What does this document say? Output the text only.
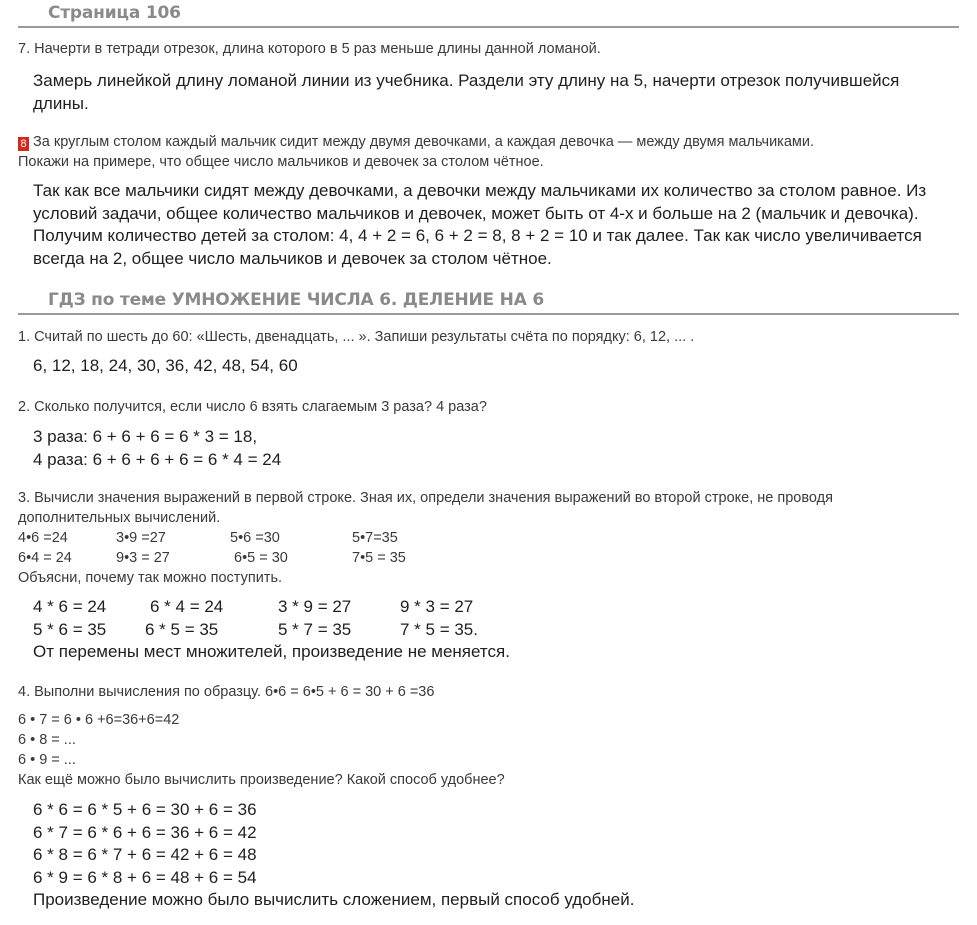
Страница 106
7. Начерти в тетради отрезок, длина которого в 5 раз меньше длины данной ломаной.
Замерь линейкой длину ломаной линии из учебника. Раздели эту длину на 5, начерти отрезок получившейся длины.
8 За круглым столом каждый мальчик сидит между двумя девочками, а каждая девочка — между двумя мальчиками.
Покажи на примере, что общее число мальчиков и девочек за столом чётное.
Так как все мальчики сидят между девочками, а девочки между мальчиками их количество за столом равное. Из условий задачи, общее количество мальчиков и девочек, может быть от 4-х и больше на 2 (мальчик и девочка). Получим количество детей за столом: 4, 4 + 2 = 6, 6 + 2 = 8, 8 + 2 = 10 и так далее. Так как число увеличивается всегда на 2, общее число мальчиков и девочек за столом чётное.
ГДЗ по теме УМНОЖЕНИЕ ЧИСЛА 6. ДЕЛЕНИЕ НА 6
1. Считай по шесть до 60: «Шесть, двенадцать, ... ». Запиши результаты счёта по порядку: 6, 12, ... .
6, 12, 18, 24, 30, 36, 42, 48, 54, 60
2. Сколько получится, если число 6 взять слагаемым 3 раза? 4 раза?
3 раза: 6 + 6 + 6 = 6 * 3 = 18,
4 раза: 6 + 6 + 6 + 6 = 6 * 4 = 24
3. Вычисли значения выражений в первой строке. Зная их, определи значения выражений во второй строке, не проводя дополнительных вычислений.
4•6 =24	3•9 =27	5•6 =30	5•7=35
6•4 = 24	9•3 = 27	6•5 = 30	7•5 = 35
Объясни, почему так можно поступить.
4 * 6 = 24	6 * 4 = 24	3 * 9 = 27	9 * 3 = 27
5 * 6 = 35 6 * 5 = 35	5 * 7 = 35	7 * 5 = 35.
От перемены мест множителей, произведение не меняется.
4. Выполни вычисления по образцу. 6•6 = 6•5 + 6 = 30 + 6 =36
6 • 7 = 6 • 6 +6=36+6=42
6 • 8 = ...
6 • 9 = ...
Как ещё можно было вычислить произведение? Какой способ удобнее?
6 * 6 = 6 * 5 + 6 = 30 + 6 = 36
6 * 7 = 6 * 6 + 6 = 36 + 6 = 42
6 * 8 = 6 * 7 + 6 = 42 + 6 = 48
6 * 9 = 6 * 8 + 6 = 48 + 6 = 54
Произведение можно было вычислить сложением, первый способ удобней.
